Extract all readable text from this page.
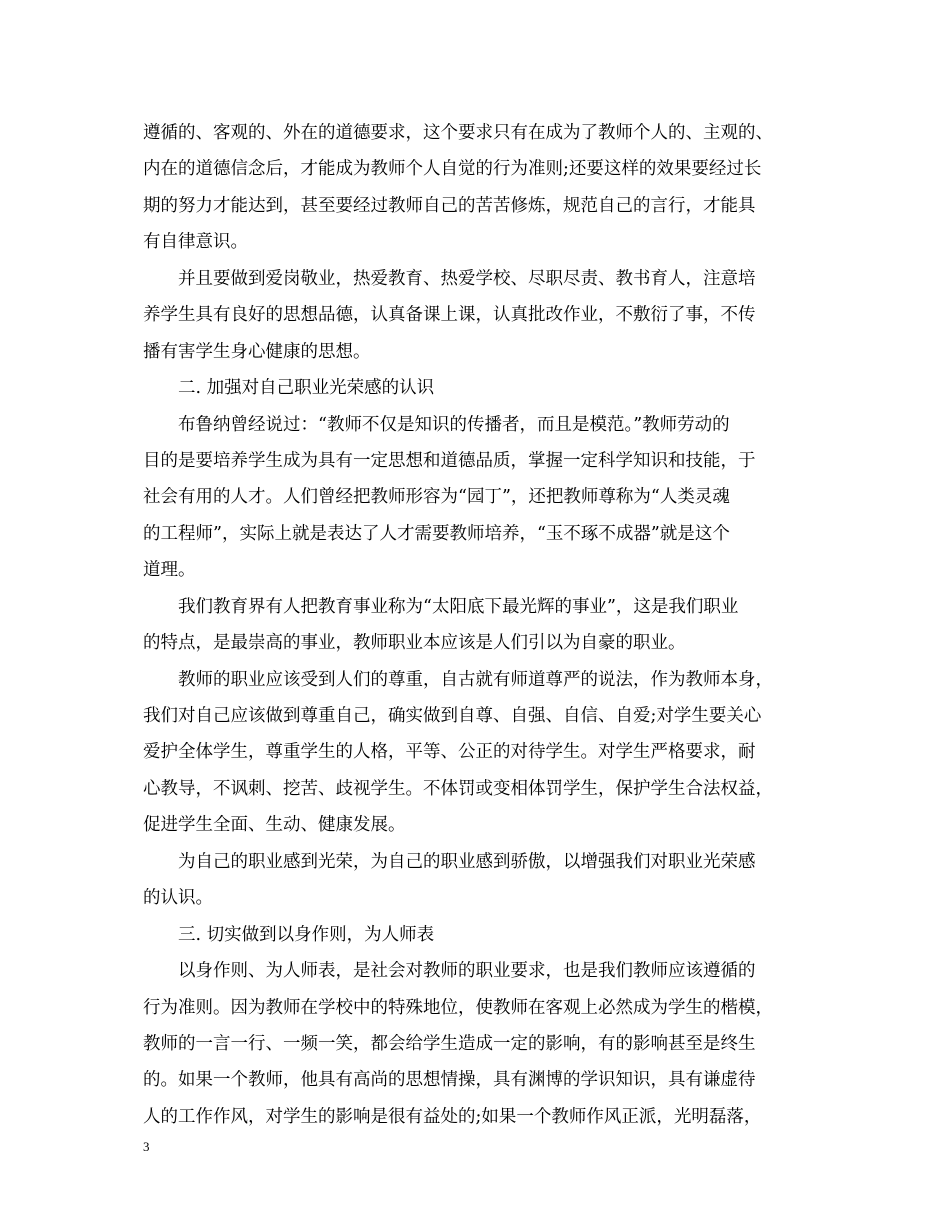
遵循的、客观的、外在的道德要求，这个要求只有在成为了教师个人的、主观的、
内在的道德信念后，才能成为教师个人自觉的行为准则;还要这样的效果要经过长
期的努力才能达到，甚至要经过教师自己的苦苦修炼，规范自己的言行，才能具
有自律意识。
并且要做到爱岗敬业，热爱教育、热爱学校、尽职尽责、教书育人，注意培
养学生具有良好的思想品德，认真备课上课，认真批改作业，不敷衍了事，不传
播有害学生身心健康的思想。
二. 加强对自己职业光荣感的认识
布鲁纳曾经说过：“教师不仅是知识的传播者，而且是模范。”教师劳动的
目的是要培养学生成为具有一定思想和道德品质，掌握一定科学知识和技能，于
社会有用的人才。人们曾经把教师形容为“园丁”，还把教师尊称为“人类灵魂
的工程师”，实际上就是表达了人才需要教师培养，“玉不琢不成器”就是这个
道理。
我们教育界有人把教育事业称为“太阳底下最光辉的事业”，这是我们职业
的特点，是最崇高的事业，教师职业本应该是人们引以为自豪的职业。
教师的职业应该受到人们的尊重，自古就有师道尊严的说法，作为教师本身，
我们对自己应该做到尊重自己，确实做到自尊、自强、自信、自爱;对学生要关心
爱护全体学生，尊重学生的人格，平等、公正的对待学生。对学生严格要求，耐
心教导，不讽刺、挖苦、歧视学生。不体罚或变相体罚学生，保护学生合法权益，
促进学生全面、生动、健康发展。
为自己的职业感到光荣，为自己的职业感到骄傲，以增强我们对职业光荣感
的认识。
三. 切实做到以身作则，为人师表
以身作则、为人师表，是社会对教师的职业要求，也是我们教师应该遵循的
行为准则。因为教师在学校中的特殊地位，使教师在客观上必然成为学生的楷模，
教师的一言一行、一频一笑，都会给学生造成一定的影响，有的影响甚至是终生
的。如果一个教师，他具有高尚的思想情操，具有渊博的学识知识，具有谦虚待
人的工作作风，对学生的影响是很有益处的;如果一个教师作风正派，光明磊落，
3
